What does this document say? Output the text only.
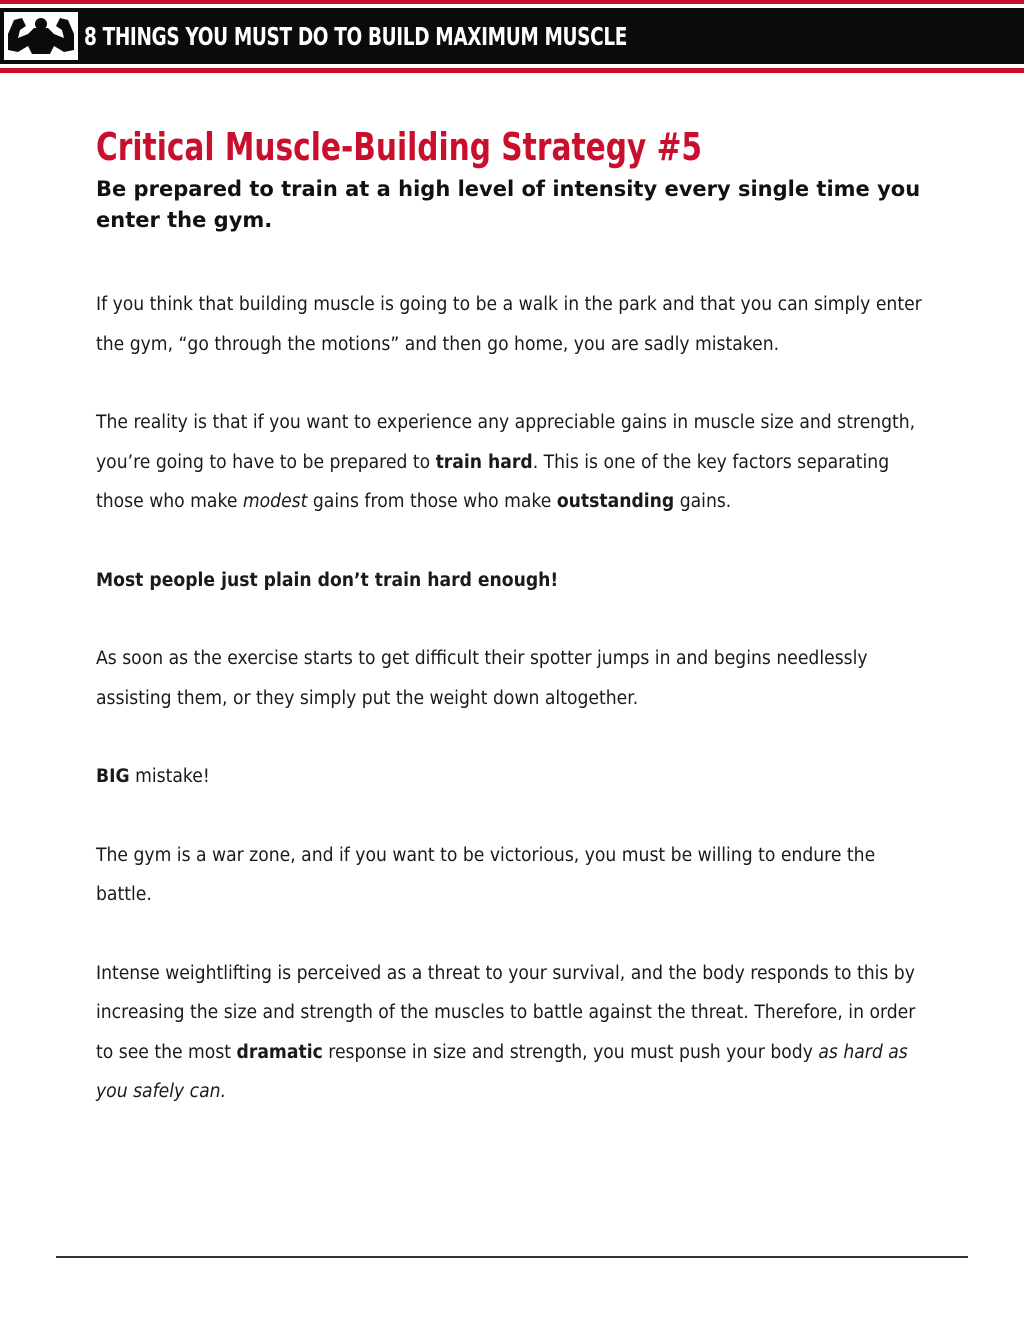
8 THINGS YOU MUST DO TO BUILD MAXIMUM MUSCLE
Critical Muscle-Building Strategy #5

Be prepared to train at a high level of intensity every single time you enter the gym.

If you think that building muscle is going to be a walk in the park and that you can simply enter the gym, “go through the motions” and then go home, you are sadly mistaken.

The reality is that if you want to experience any appreciable gains in muscle size and strength, you’re going to have to be prepared to train hard. This is one of the key factors separating those who make modest gains from those who make outstanding gains.

Most people just plain don’t train hard enough!

As soon as the exercise starts to get difficult their spotter jumps in and begins needlessly assisting them, or they simply put the weight down altogether.

BIG mistake!

The gym is a war zone, and if you want to be victorious, you must be willing to endure the battle.

Intense weightlifting is perceived as a threat to your survival, and the body responds to this by increasing the size and strength of the muscles to battle against the threat. Therefore, in order to see the most dramatic response in size and strength, you must push your body as hard as you safely can.
